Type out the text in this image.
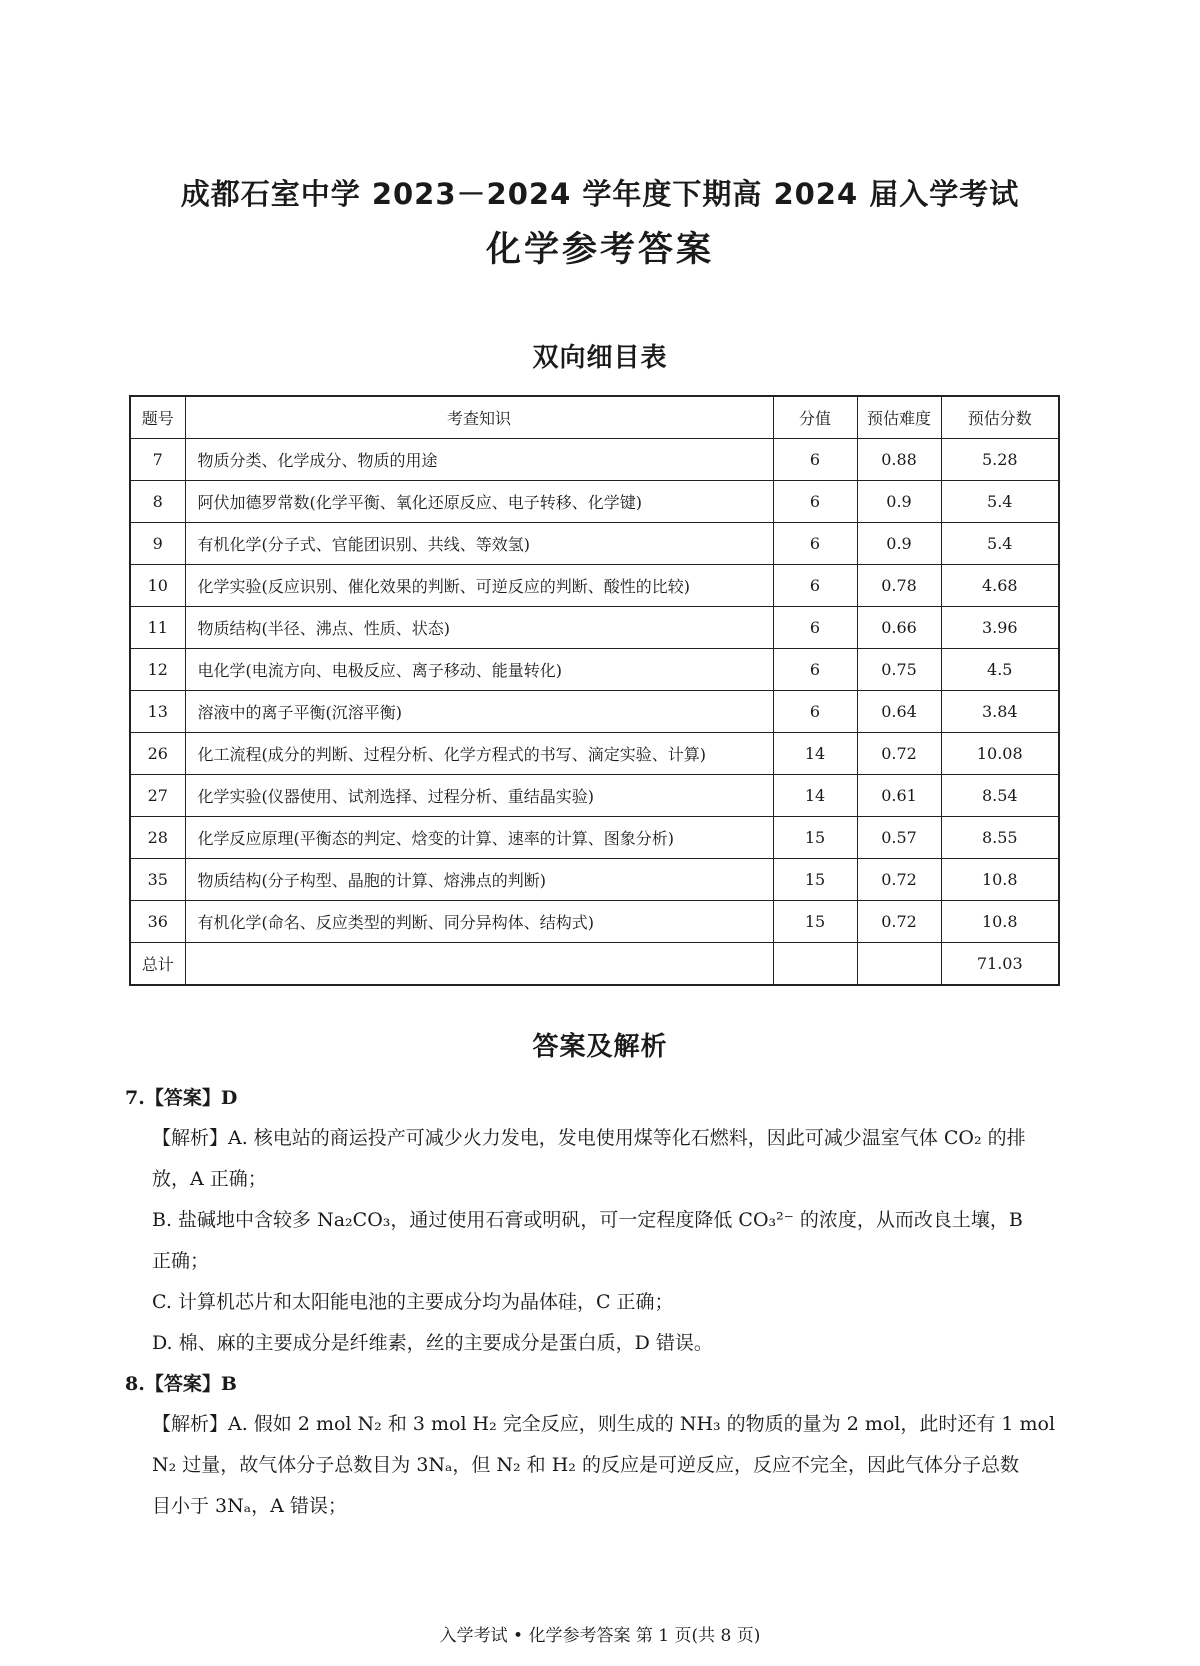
成都石室中学 2023－2024 学年度下期高 2024 届入学考试
化学参考答案
双向细目表
题号	考查知识	分值	预估难度	预估分数
7	物质分类、化学成分、物质的用途	6	0.88	5.28
8	阿伏加德罗常数(化学平衡、氧化还原反应、电子转移、化学键)	6	0.9	5.4
9	有机化学(分子式、官能团识别、共线、等效氢)	6	0.9	5.4
10	化学实验(反应识别、催化效果的判断、可逆反应的判断、酸性的比较)	6	0.78	4.68
11	物质结构(半径、沸点、性质、状态)	6	0.66	3.96
12	电化学(电流方向、电极反应、离子移动、能量转化)	6	0.75	4.5
13	溶液中的离子平衡(沉溶平衡)	6	0.64	3.84
26	化工流程(成分的判断、过程分析、化学方程式的书写、滴定实验、计算)	14	0.72	10.08
27	化学实验(仪器使用、试剂选择、过程分析、重结晶实验)	14	0.61	8.54
28	化学反应原理(平衡态的判定、焓变的计算、速率的计算、图象分析)	15	0.57	8.55
35	物质结构(分子构型、晶胞的计算、熔沸点的判断)	15	0.72	10.8
36	有机化学(命名、反应类型的判断、同分异构体、结构式)	15	0.72	10.8
总计				71.03
答案及解析
7.【答案】D
【解析】A. 核电站的商运投产可减少火力发电，发电使用煤等化石燃料，因此可减少温室气体 CO₂ 的排
放，A 正确；
B. 盐碱地中含较多 Na₂CO₃，通过使用石膏或明矾，可一定程度降低 CO₃²⁻ 的浓度，从而改良土壤，B
正确；
C. 计算机芯片和太阳能电池的主要成分均为晶体硅，C 正确；
D. 棉、麻的主要成分是纤维素，丝的主要成分是蛋白质，D 错误。
8.【答案】B
【解析】A. 假如 2 mol N₂ 和 3 mol H₂ 完全反应，则生成的 NH₃ 的物质的量为 2 mol，此时还有 1 mol
N₂ 过量，故气体分子总数目为 3Nₐ，但 N₂ 和 H₂ 的反应是可逆反应，反应不完全，因此气体分子总数
目小于 3Nₐ，A 错误；
入学考试 • 化学参考答案 第 1 页(共 8 页)
